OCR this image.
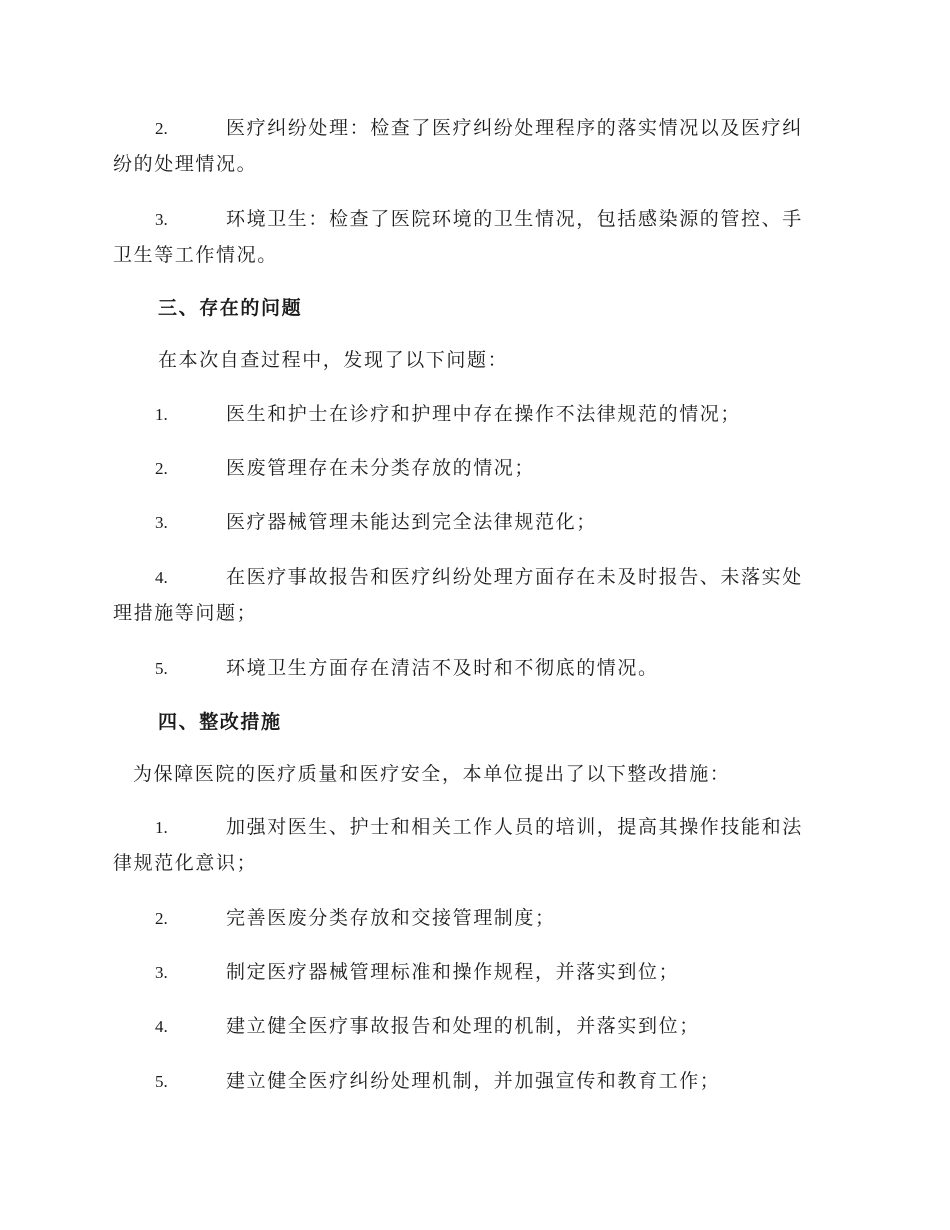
2.	医疗纠纷处理：检查了医疗纠纷处理程序的落实情况以及医疗纠
纷的处理情况。
3.	环境卫生：检查了医院环境的卫生情况，包括感染源的管控、手
卫生等工作情况。
三、存在的问题
在本次自查过程中，发现了以下问题：
1.	医生和护士在诊疗和护理中存在操作不法律规范的情况；
2.	医废管理存在未分类存放的情况；
3.	医疗器械管理未能达到完全法律规范化；
4.	在医疗事故报告和医疗纠纷处理方面存在未及时报告、未落实处
理措施等问题；
5.	环境卫生方面存在清洁不及时和不彻底的情况。
四、整改措施
为保障医院的医疗质量和医疗安全，本单位提出了以下整改措施：
1.	加强对医生、护士和相关工作人员的培训，提高其操作技能和法
律规范化意识；
2.	完善医废分类存放和交接管理制度；
3.	制定医疗器械管理标准和操作规程，并落实到位；
4.	建立健全医疗事故报告和处理的机制，并落实到位；
5.	建立健全医疗纠纷处理机制，并加强宣传和教育工作；
